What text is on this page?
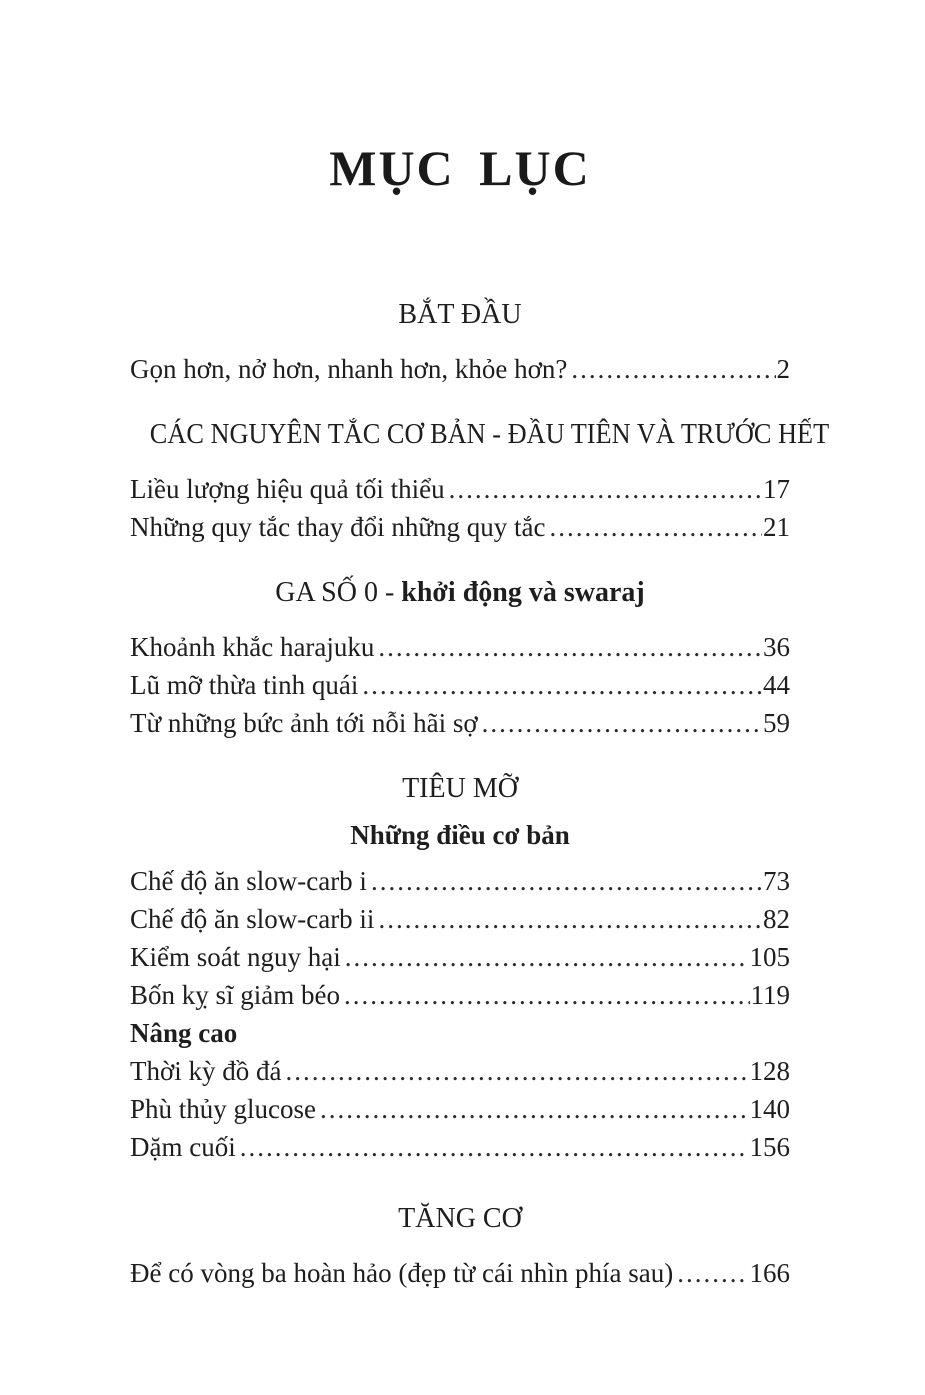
MỤC LỤC
BẮT ĐẦU
Gọn hơn, nở hơn, nhanh hơn, khỏe hơn? .....	2
CÁC NGUYÊN TẮC CƠ BẢN - ĐẦU TIÊN VÀ TRƯỚC HẾT
Liều lượng hiệu quả tối thiểu .....	17
Những quy tắc thay đổi những quy tắc .....	21
GA SỐ 0 - khởi động và swaraj
Khoảnh khắc harajuku .....	36
Lũ mỡ thừa tinh quái .....	44
Từ những bức ảnh tới nỗi hãi sợ .....	59
TIÊU MỠ
Những điều cơ bản
Chế độ ăn slow-carb i .....	73
Chế độ ăn slow-carb ii .....	82
Kiểm soát nguy hại .....	105
Bốn kỵ sĩ giảm béo .....	119
Nâng cao
Thời kỳ đồ đá .....	128
Phù thủy glucose .....	140
Dặm cuối .....	156
TĂNG CƠ
Để có vòng ba hoàn hảo (đẹp từ cái nhìn phía sau) .....	166
